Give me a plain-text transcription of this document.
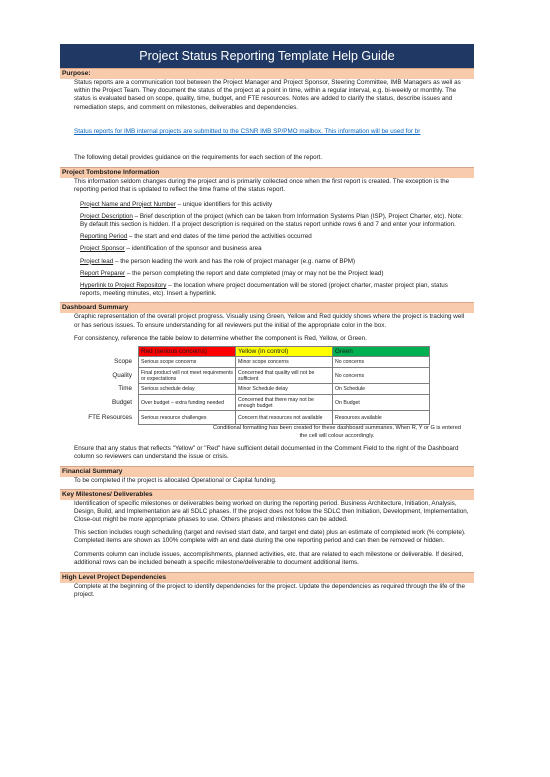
Project Status Reporting Template Help Guide
Purpose:
Status reports are a communication tool between the Project Manager and Project Sponsor, Steering Committee, IMB Managers as well as within the Project Team. They document the status of the project at a point in time, within a regular interval, e.g. bi-weekly or monthly. The status is evaluated based on scope, quality, time, budget, and FTE resources. Notes are added to clarify the status, describe issues and remediation steps, and comment on milestones, deliverables and dependencies.
Status reports for IMB internal projects are submitted to the CSNR IMB SP/PMO mailbox. This information will be used for br
The following detail provides guidance on the requirements for each section of the report.
Project Tombstone Information
This information seldom changes during the project and is primarily collected once when the first report is created. The exception is the reporting period that is updated to reflect the time frame of the status report.
Project Name and Project Number – unique identifiers for this activity
Project Description – Brief description of the project (which can be taken from Information Systems Plan (ISP), Project Charter, etc). Note: By default this section is hidden. If a project description is required on the status report unhide rows 6 and 7 and enter your information.
Reporting Period – the start and end dates of the time period the activities occurred
Project Sponsor – identification of the sponsor and business area
Project lead – the person leading the work and has the role of project manager (e.g. name of BPM)
Report Preparer – the person completing the report and date completed (may or may not be the Project lead)
Hyperlink to Project Repository – the location where project documentation will be stored (project charter, master project plan, status reports, meeting minutes, etc). Insert a hyperlink.
Dashboard Summary
Graphic representation of the overall project progress. Visually using Green, Yellow and Red quickly shows where the project is tracking well or has serious issues. To ensure understanding for all reviewers put the initial of the appropriate color in the box.
For consistency, reference the table below to determine whether the component is Red, Yellow, or Green.
	Red (serious concerns)	Yellow (in control)	Green
Scope	Serious scope concerns	Minor scope concerns	No concerns
Quality	Final product will not meet requirements or expectations	Concerned that quality will not be sufficient	No concerns
Time	Serious schedule delay	Minor Schedule delay	On Schedule
Budget	Over budget – extra funding needed	Concerned that there may not be enough budget	On Budget
FTE Resources	Serious resource challenges	Concern that resources not available	Resources available
Conditional formatting has been created for these dashboard summaries. When R, Y or G is entered the cell will colour accordingly.
Ensure that any status that reflects "Yellow" or "Red" have sufficient detail documented in the Comment Field to the right of the Dashboard column so reviewers can understand the issue or crisis.
Financial Summary
To be completed if the project is allocated Operational or Capital funding.
Key Milestones/ Deliverables
Identification of specific milestones or deliverables being worked on during the reporting period. Business Architecture, Initiation, Analysis, Design, Build, and Implementation are all SDLC phases. If the project does not follow the SDLC then Initiation, Development, Implementation, Close-out might be more appropriate phases to use. Others phases and milestones can be added.
This section includes rough scheduling (target and revised start date, and target end date) plus an estimate of completed work (% complete). Completed items are shown as 100% complete with an end date during the one reporting period and can then be removed or hidden.
Comments column can include issues, accomplishments, planned activities, etc. that are related to each milestone or deliverable. If desired, additional rows can be included beneath a specific milestone/deliverable to document additional items.
High Level Project Dependencies
Complete at the beginning of the project to identify dependencies for the project. Update the dependencies as required through the life of the project.
